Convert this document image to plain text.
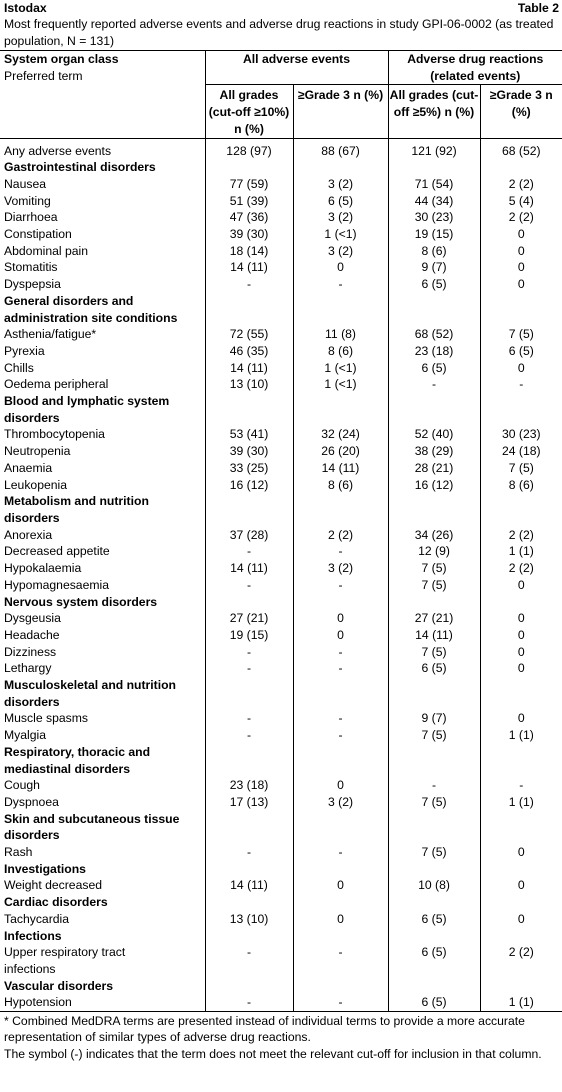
Istodax	Table 2
Most frequently reported adverse events and adverse drug reactions in study GPI-06-0002 (as treated population, N = 131)
System organ class
Preferred term	All adverse events		Adverse drug reactions (related events)	
	All grades (cut-off ≥10%) n (%)	≥Grade 3 n (%)	All grades (cut-off ≥5%) n (%)	≥Grade 3 n (%)
Any adverse events	128 (97)	88 (67)	121 (92)	68 (52)
Gastrointestinal disorders				
Nausea	77 (59)	3 (2)	71 (54)	2 (2)
Vomiting	51 (39)	6 (5)	44 (34)	5 (4)
Diarrhoea	47 (36)	3 (2)	30 (23)	2 (2)
Constipation	39 (30)	1 (<1)	19 (15)	0
Abdominal pain	18 (14)	3 (2)	8 (6)	0
Stomatitis	14 (11)	0	9 (7)	0
Dyspepsia	-	-	6 (5)	0
General disorders and				
administration site conditions				
Asthenia/fatigue*	72 (55)	11 (8)	68 (52)	7 (5)
Pyrexia	46 (35)	8 (6)	23 (18)	6 (5)
Chills	14 (11)	1 (<1)	6 (5)	0
Oedema peripheral	13 (10)	1 (<1)	-	-
Blood and lymphatic system				
disorders				
Thrombocytopenia	53 (41)	32 (24)	52 (40)	30 (23)
Neutropenia	39 (30)	26 (20)	38 (29)	24 (18)
Anaemia	33 (25)	14 (11)	28 (21)	7 (5)
Leukopenia	16 (12)	8 (6)	16 (12)	8 (6)
Metabolism and nutrition				
disorders				
Anorexia	37 (28)	2 (2)	34 (26)	2 (2)
Decreased appetite	-	-	12 (9)	1 (1)
Hypokalaemia	14 (11)	3 (2)	7 (5)	2 (2)
Hypomagnesaemia	-	-	7 (5)	0
Nervous system disorders				
Dysgeusia	27 (21)	0	27 (21)	0
Headache	19 (15)	0	14 (11)	0
Dizziness	-	-	7 (5)	0
Lethargy	-	-	6 (5)	0
Musculoskeletal and nutrition				
disorders				
Muscle spasms	-	-	9 (7)	0
Myalgia	-	-	7 (5)	1 (1)
Respiratory, thoracic and				
mediastinal disorders				
Cough	23 (18)	0	-	-
Dyspnoea	17 (13)	3 (2)	7 (5)	1 (1)
Skin and subcutaneous tissue				
disorders				
Rash	-	-	7 (5)	0
Investigations				
Weight decreased	14 (11)	0	10 (8)	0
Cardiac disorders				
Tachycardia	13 (10)	0	6 (5)	0
Infections				
Upper respiratory tract	-	-	6 (5)	2 (2)
infections				
Vascular disorders				
Hypotension	-	-	6 (5)	1 (1)
* Combined MedDRA terms are presented instead of individual terms to provide a more accurate representation of similar types of adverse drug reactions.
The symbol (-) indicates that the term does not meet the relevant cut-off for inclusion in that column.
